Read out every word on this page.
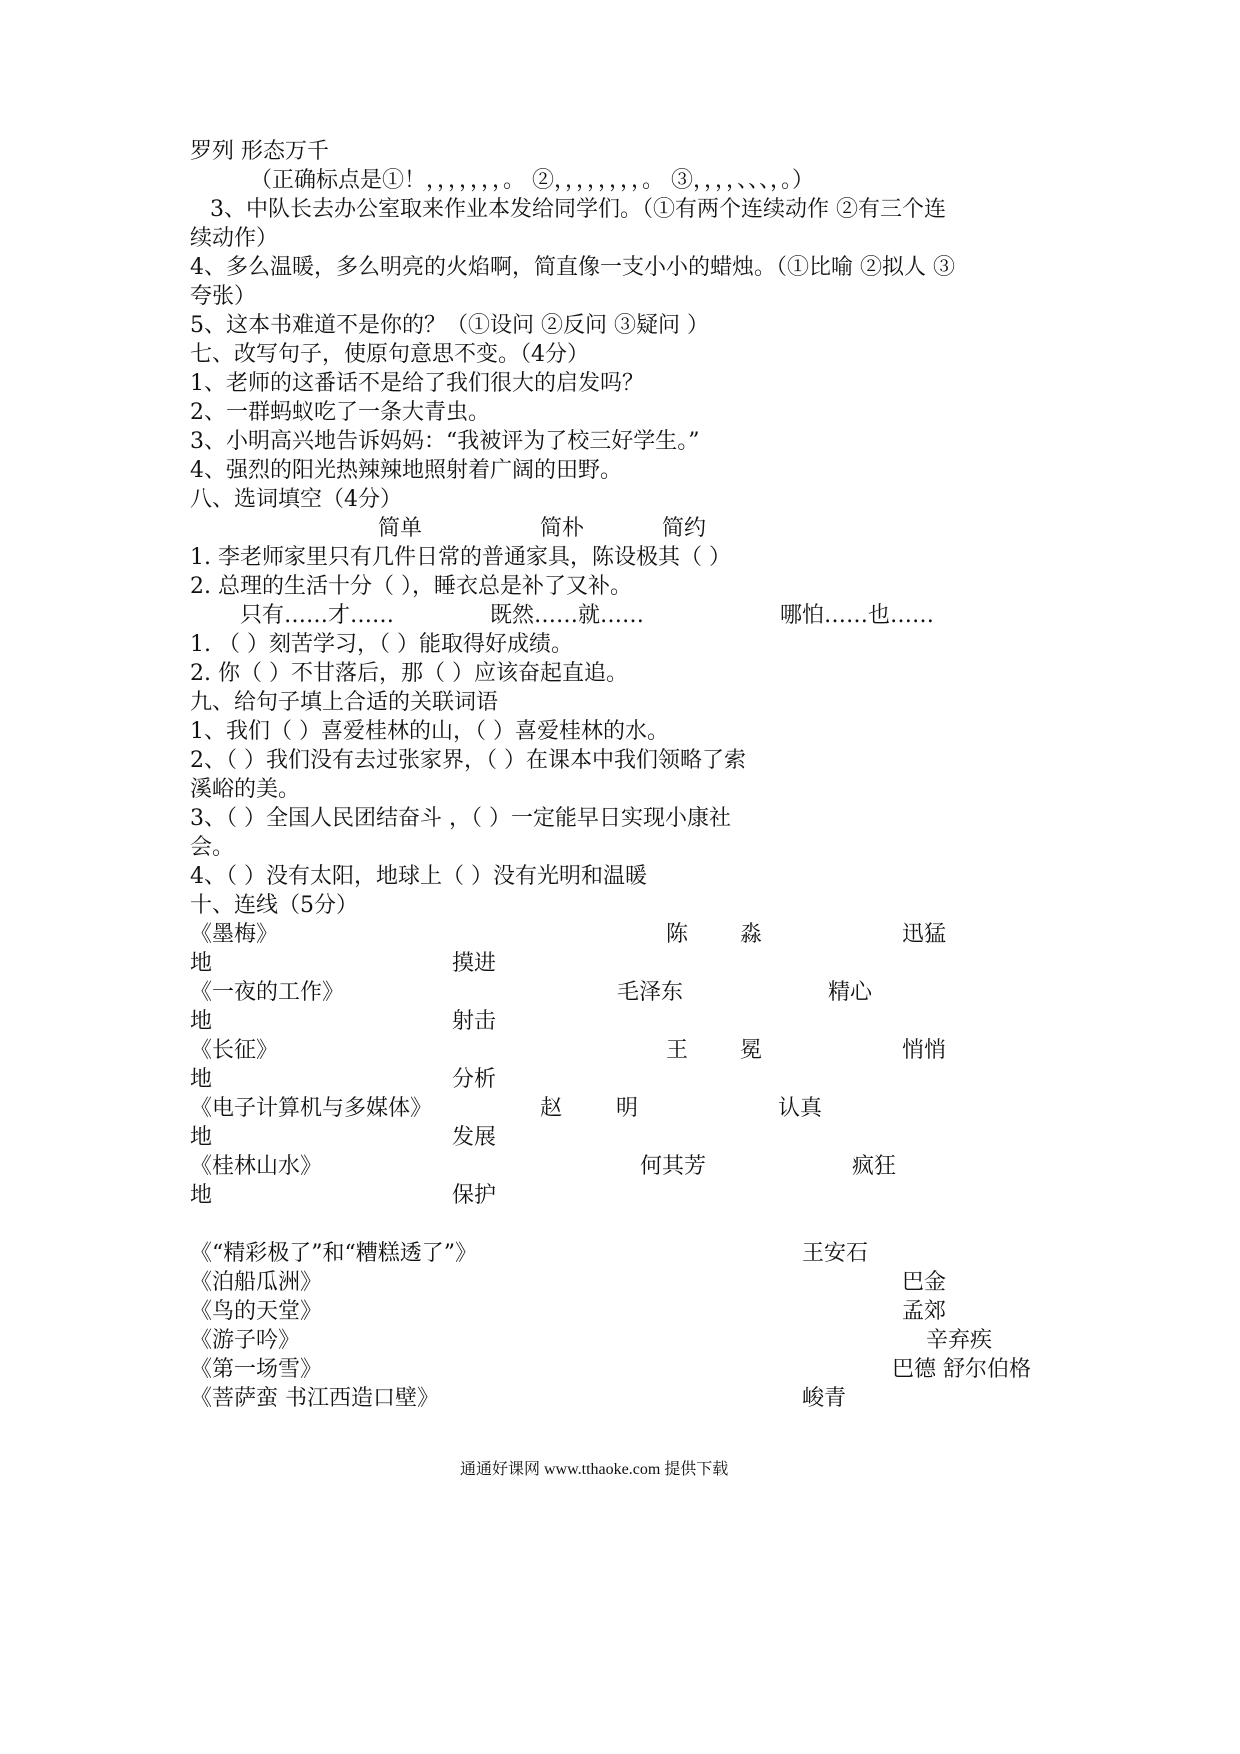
罗列 形态万千
（正确标点是①！，，，，，，，。 ②，，，，，，，，。 ③，，，，、、、，。）
3、中队长去办公室取来作业本发给同学们。（①有两个连续动作 ②有三个连
续动作）
4、多么温暖，多么明亮的火焰啊，简直像一支小小的蜡烛。（①比喻 ②拟人 ③
夸张）
5、这本书难道不是你的？（①设问 ②反问 ③疑问 ）
七、改写句子，使原句意思不变。（4分）
1、老师的这番话不是给了我们很大的启发吗？
2、一群蚂蚁吃了一条大青虫。
3、小明高兴地告诉妈妈：“我被评为了校三好学生。”
4、强烈的阳光热辣辣地照射着广阔的田野。
八、选词填空（4分）
简单	简朴	简约
1. 李老师家里只有几件日常的普通家具，陈设极其（ ）
2. 总理的生活十分（ ），睡衣总是补了又补。
只有……才……	既然……就……	哪怕……也……
1. （ ）刻苦学习，（ ）能取得好成绩。
2. 你（ ）不甘落后，那（ ）应该奋起直追。
九、给句子填上合适的关联词语
1、我们（ ）喜爱桂林的山，（ ）喜爱桂林的水。
2、（ ）我们没有去过张家界，（ ）在课本中我们领略了索
溪峪的美。
3、（ ）全国人民团结奋斗 ，（ ）一定能早日实现小康社
会。
4、（ ）没有太阳，地球上（ ）没有光明和温暖
十、连线（5分）
《墨梅》	陈 淼	迅猛
地	摸进
《一夜的工作》	毛泽东	精心
地	射击
《长征》	王 冕	悄悄
地	分析
《电子计算机与多媒体》	赵 明	认真
地	发展
《桂林山水》	何其芳	疯狂
地	保护
《“精彩极了”和“糟糕透了”》	王安石
《泊船瓜洲》	巴金
《鸟的天堂》	孟郊
《游子吟》	辛弃疾
《第一场雪》	巴德 舒尔伯格
《菩萨蛮 书江西造口壁》	峻青
通通好课网 www.tthaoke.com 提供下载
